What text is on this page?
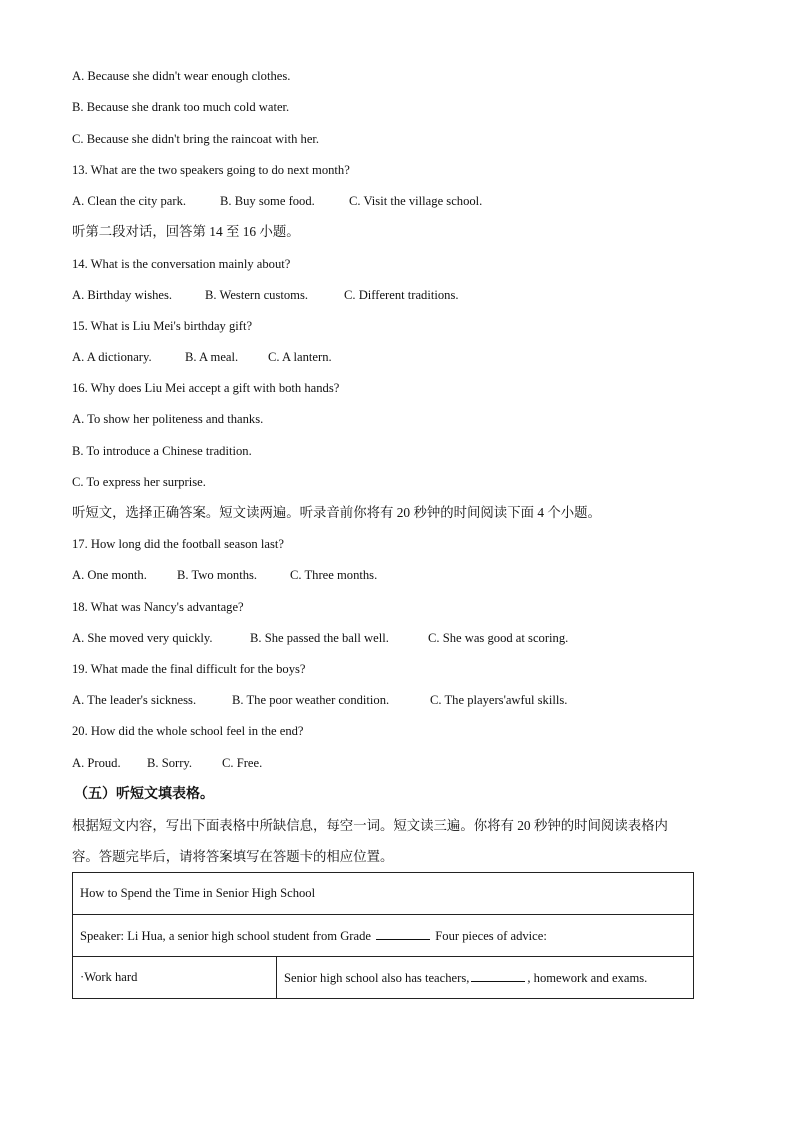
A. Because she didn't wear enough clothes.
B. Because she drank too much cold water.
C. Because she didn't bring the raincoat with her.
13. What are the two speakers going to do next month?
A. Clean the city park.	B. Buy some food.	C. Visit the village school.
听第二段对话，回答第 14 至 16 小题。
14. What is the conversation mainly about?
A. Birthday wishes.	B. Western customs.	C. Different traditions.
15. What is Liu Mei's birthday gift?
A. A dictionary.	B. A meal. C. A lantern.
16. Why does Liu Mei accept a gift with both hands?
A. To show her politeness and thanks.
B. To introduce a Chinese tradition.
C. To express her surprise.
听短文，选择正确答案。短文读两遍。听录音前你将有 20 秒钟的时间阅读下面 4 个小题。
17. How long did the football season last?
A. One month. B. Two months.	C. Three months.
18. What was Nancy's advantage?
A. She moved very quickly.	B. She passed the ball well.	C. She was good at scoring.
19. What made the final difficult for the boys?
A. The leader's sickness.	B. The poor weather condition.	C. The players'awful skills.
20. How did the whole school feel in the end?
A. Proud. B. Sorry. C. Free.
（五）听短文填表格。
根据短文内容，写出下面表格中所缺信息，每空一词。短文读三遍。你将有 20 秒钟的时间阅读表格内
容。答题完毕后，请将答案填写在答题卡的相应位置。
How to Spend the Time in Senior High School
Speaker: Li Hua, a senior high school student from Grade	Four pieces of advice:
·Work hard	Senior high school also has teachers,	, homework and exams.
